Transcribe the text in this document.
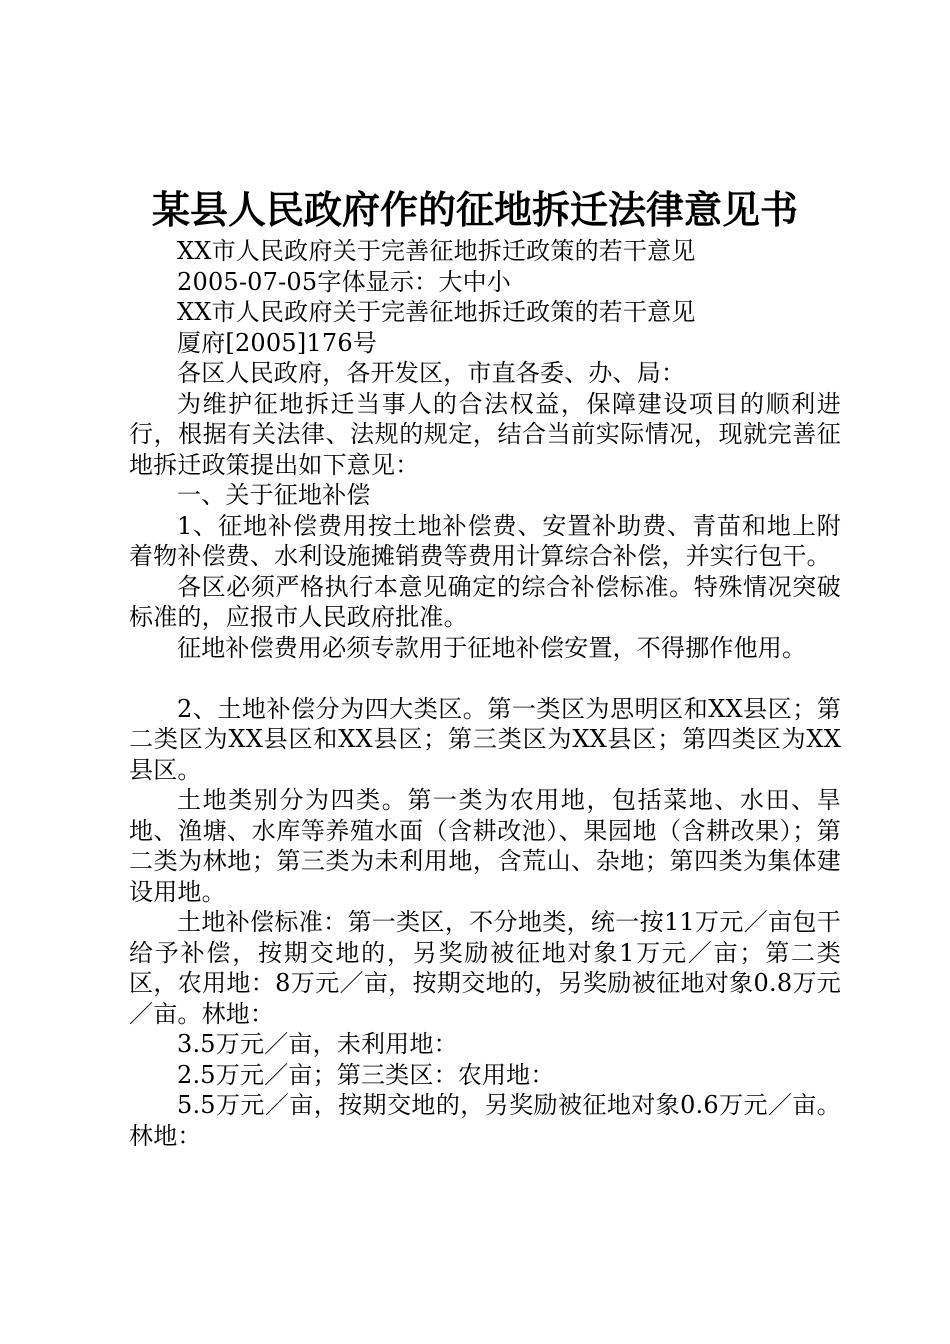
某县人民政府作的征地拆迁法律意见书
XX市人民政府关于完善征地拆迁政策的若干意见
2005-07-05字体显示：大中小
XX市人民政府关于完善征地拆迁政策的若干意见
厦府[2005]176号
各区人民政府，各开发区，市直各委、办、局：

为维护征地拆迁当事人的合法权益，保障建设项目的顺利进行，根据有关法律、法规的规定，结合当前实际情况，现就完善征地拆迁政策提出如下意见：

一、关于征地补偿

1、征地补偿费用按土地补偿费、安置补助费、青苗和地上附着物补偿费、水利设施摊销费等费用计算综合补偿，并实行包干。

各区必须严格执行本意见确定的综合补偿标准。特殊情况突破标准的，应报市人民政府批准。

征地补偿费用必须专款用于征地补偿安置，不得挪作他用。

2、土地补偿分为四大类区。第一类区为思明区和XX县区；第二类区为XX县区和XX县区；第三类区为XX县区；第四类区为XX县区。

土地类别分为四类。第一类为农用地，包括菜地、水田、旱地、渔塘、水库等养殖水面（含耕改池）、果园地（含耕改果）；第二类为林地；第三类为未利用地，含荒山、杂地；第四类为集体建设用地。

土地补偿标准：第一类区，不分地类，统一按11万元／亩包干给予补偿，按期交地的，另奖励被征地对象1万元／亩；第二类区，农用地：8万元／亩，按期交地的，另奖励被征地对象0.8万元／亩。林地：

3.5万元／亩，未利用地：

2.5万元／亩；第三类区：农用地：

5.5万元／亩，按期交地的，另奖励被征地对象0.6万元／亩。林地：
